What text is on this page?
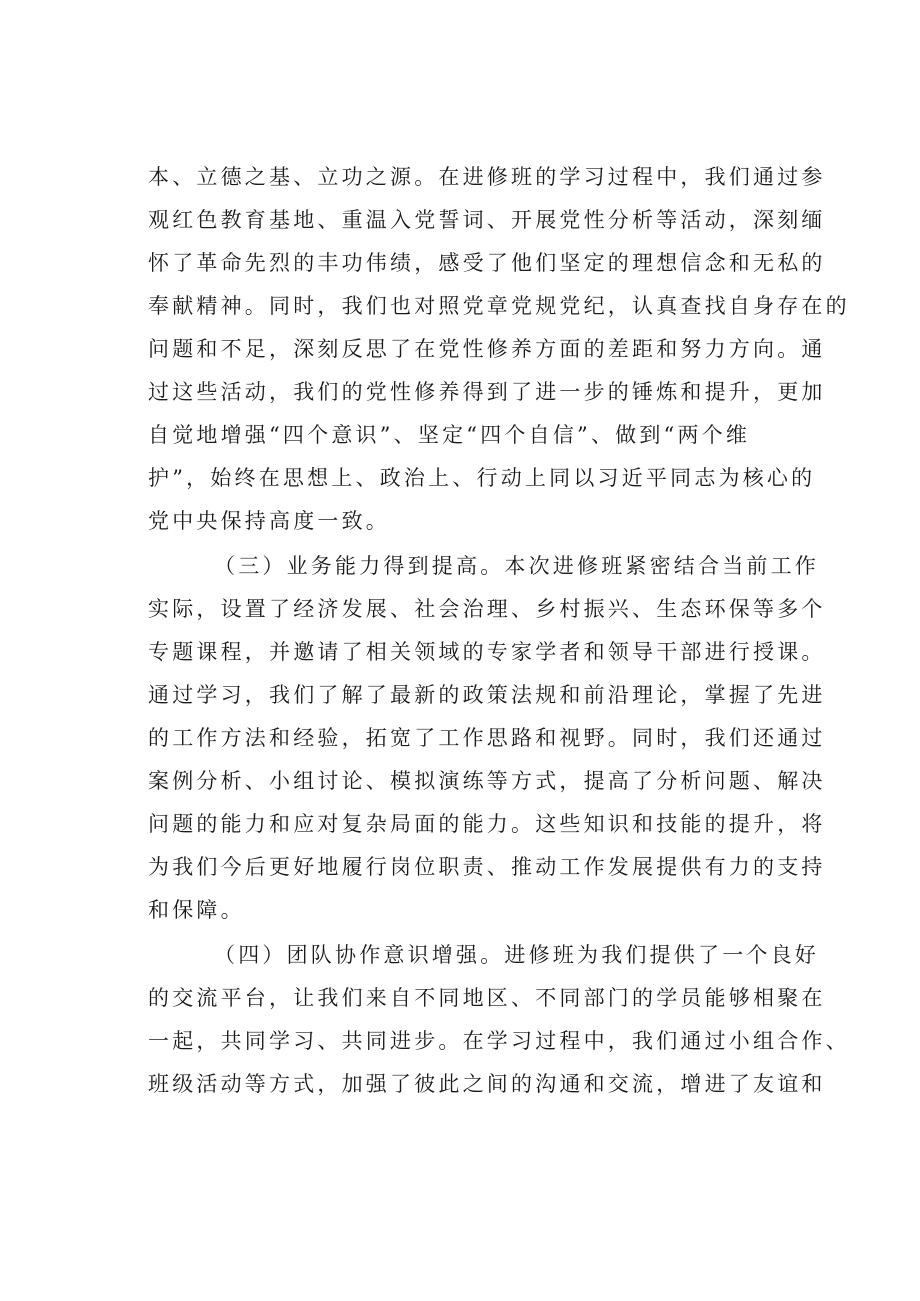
本、立德之基、立功之源。在进修班的学习过程中，我们通过参
观红色教育基地、重温入党誓词、开展党性分析等活动，深刻缅
怀了革命先烈的丰功伟绩，感受了他们坚定的理想信念和无私的
奉献精神。同时，我们也对照党章党规党纪，认真查找自身存在的
问题和不足，深刻反思了在党性修养方面的差距和努力方向。通
过这些活动，我们的党性修养得到了进一步的锤炼和提升，更加
自觉地增强“四个意识”、坚定“四个自信”、做到“两个维
护”，始终在思想上、政治上、行动上同以习近平同志为核心的
党中央保持高度一致。
（三）业务能力得到提高。本次进修班紧密结合当前工作
实际，设置了经济发展、社会治理、乡村振兴、生态环保等多个
专题课程，并邀请了相关领域的专家学者和领导干部进行授课。
通过学习，我们了解了最新的政策法规和前沿理论，掌握了先进
的工作方法和经验，拓宽了工作思路和视野。同时，我们还通过
案例分析、小组讨论、模拟演练等方式，提高了分析问题、解决
问题的能力和应对复杂局面的能力。这些知识和技能的提升，将
为我们今后更好地履行岗位职责、推动工作发展提供有力的支持
和保障。
（四）团队协作意识增强。进修班为我们提供了一个良好
的交流平台，让我们来自不同地区、不同部门的学员能够相聚在
一起，共同学习、共同进步。在学习过程中，我们通过小组合作、
班级活动等方式，加强了彼此之间的沟通和交流，增进了友谊和
